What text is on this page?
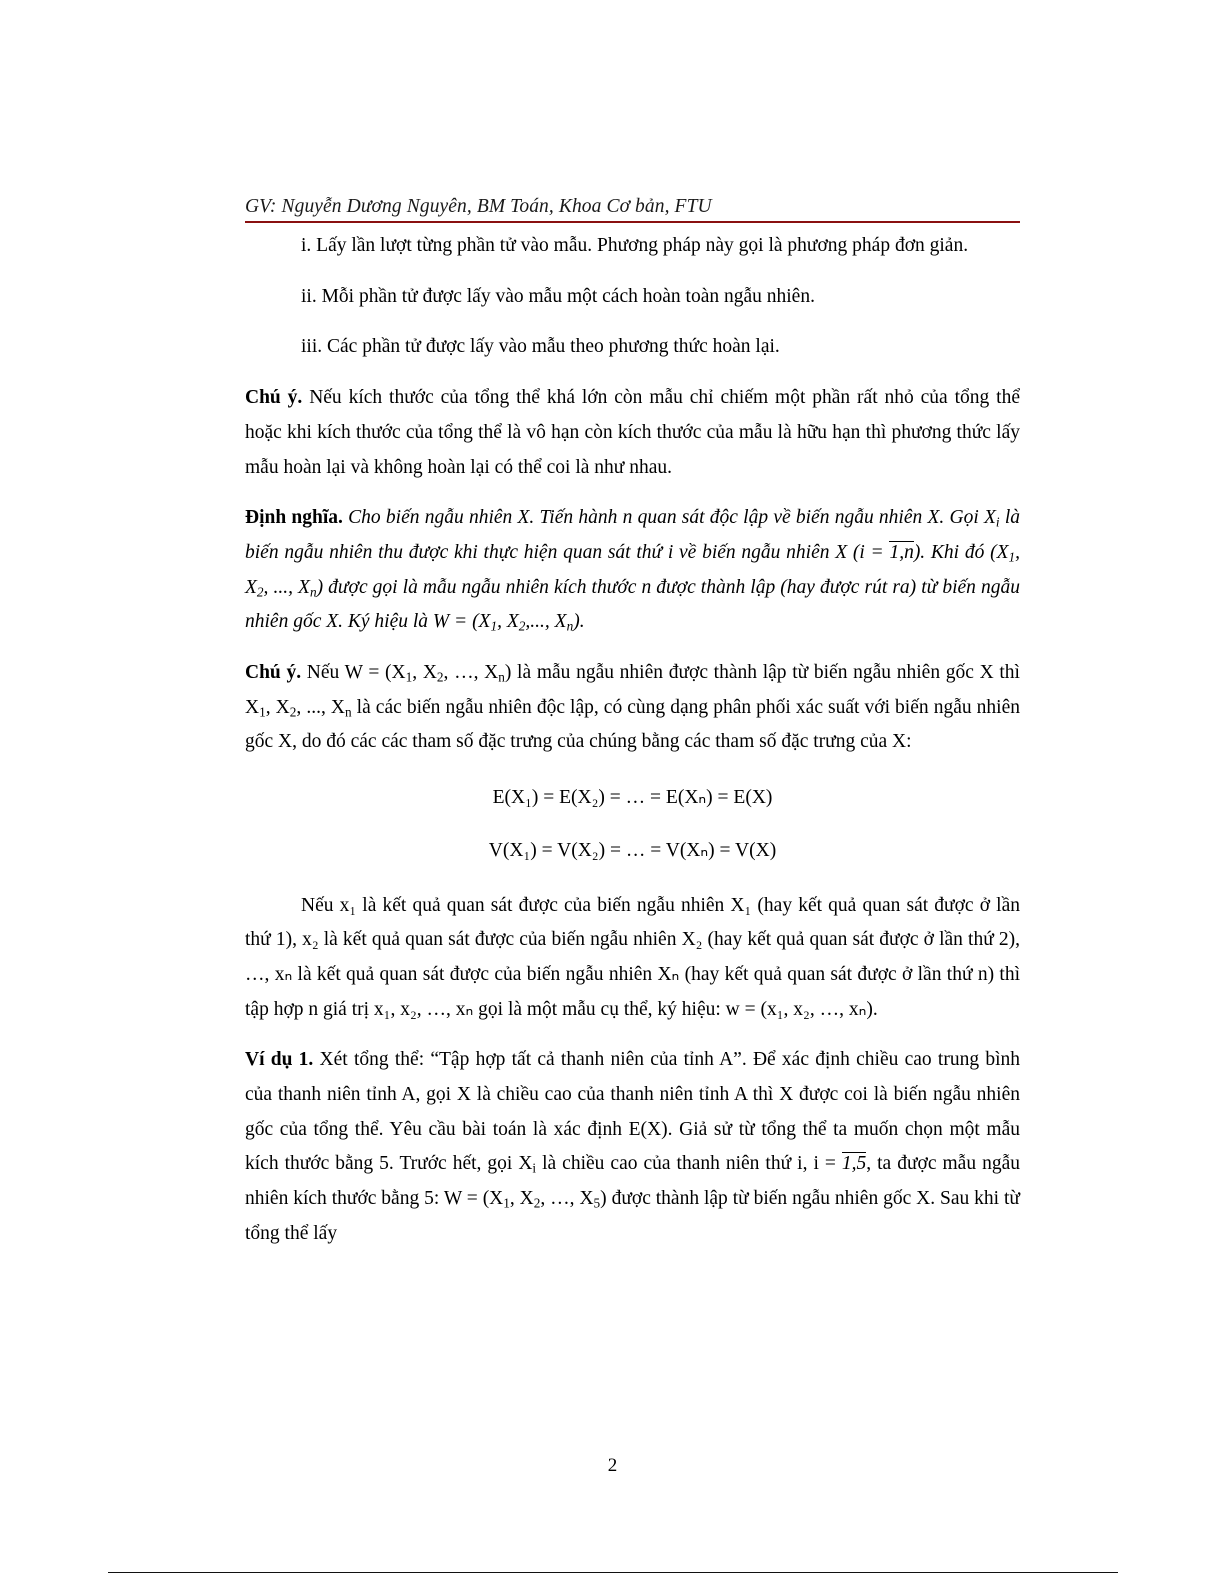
GV: Nguyễn Dương Nguyên, BM Toán, Khoa Cơ bản, FTU

i. Lấy lần lượt từng phần tử vào mẫu. Phương pháp này gọi là phương pháp đơn giản.

ii. Mỗi phần tử được lấy vào mẫu một cách hoàn toàn ngẫu nhiên.

iii. Các phần tử được lấy vào mẫu theo phương thức hoàn lại.

Chú ý. Nếu kích thước của tổng thể khá lớn còn mẫu chỉ chiếm một phần rất nhỏ của tổng thể hoặc khi kích thước của tổng thể là vô hạn còn kích thước của mẫu là hữu hạn thì phương thức lấy mẫu hoàn lại và không hoàn lại có thể coi là như nhau.

Định nghĩa. Cho biến ngẫu nhiên X. Tiến hành n quan sát độc lập về biến ngẫu nhiên X. Gọi $X_i$ là biến ngẫu nhiên thu được khi thực hiện quan sát thứ i về biến ngẫu nhiên X (i = 1,n). Khi đó ($X_1$, $X_2$, ..., $X_n$) được gọi là mẫu ngẫu nhiên kích thước n được thành lập (hay được rút ra) từ biến ngẫu nhiên gốc X. Ký hiệu là $W = (X_1$, $X_2$,..., $X_n$).

Chú ý. Nếu $W = (X_1$, $X_2$, …, $X_n$) là mẫu ngẫu nhiên được thành lập từ biến ngẫu nhiên gốc X thì $X_1$, $X_2$, ..., $X_n$ là các biến ngẫu nhiên độc lập, có cùng dạng phân phối xác suất với biến ngẫu nhiên gốc X, do đó các các tham số đặc trưng của chúng bằng các tham số đặc trưng của X:

E(X₁) = E(X₂) = … = E(Xₙ) = E(X)
V(X₁) = V(X₂) = … = V(Xₙ) = V(X)

Nếu x₁ là kết quả quan sát được của biến ngẫu nhiên X₁ (hay kết quả quan sát được ở lần thứ 1), x₂ là kết quả quan sát được của biến ngẫu nhiên X₂ (hay kết quả quan sát được ở lần thứ 2), …, xₙ là kết quả quan sát được của biến ngẫu nhiên Xₙ (hay kết quả quan sát được ở lần thứ n) thì tập hợp n giá trị x₁, x₂, …, xₙ gọi là một mẫu cụ thể, ký hiệu: w = (x₁, x₂, …, xₙ).

Ví dụ 1. Xét tổng thể: “Tập hợp tất cả thanh niên của tỉnh A”. Để xác định chiều cao trung bình của thanh niên tỉnh A, gọi X là chiều cao của thanh niên tỉnh A thì X được coi là biến ngẫu nhiên gốc của tổng thể. Yêu cầu bài toán là xác định E(X). Giả sử từ tổng thể ta muốn chọn một mẫu kích thước bằng 5. Trước hết, gọi $X_i$ là chiều cao của thanh niên thứ i, i = 1,5, ta được mẫu ngẫu nhiên kích thước bằng 5: $W = (X_1$, $X_2$, …, $X_5$) được thành lập từ biến ngẫu nhiên gốc X. Sau khi từ tổng thể lấy

2
